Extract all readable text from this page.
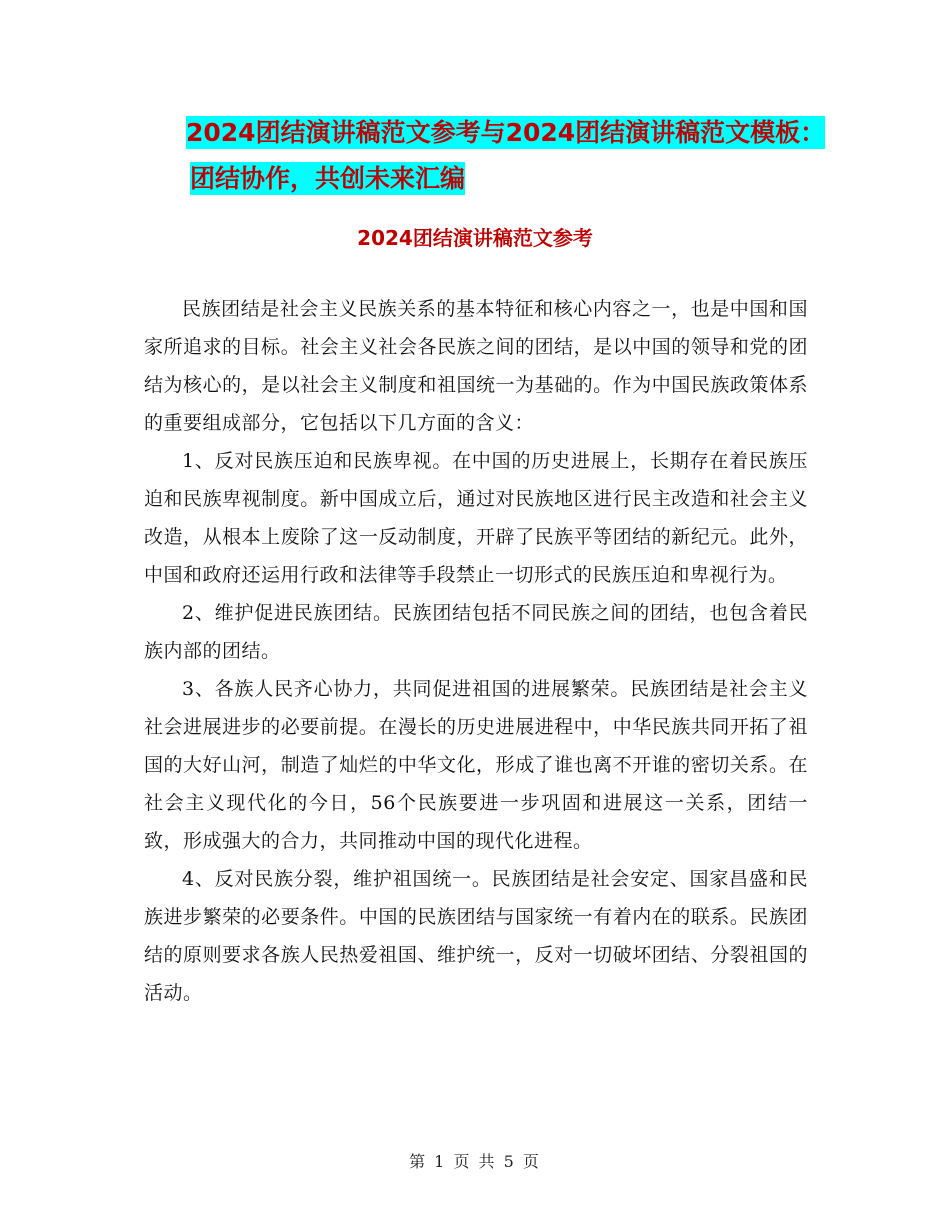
2024团结演讲稿范文参考与2024团结演讲稿范文模板：
团结协作，共创未来汇编
2024团结演讲稿范文参考

民族团结是社会主义民族关系的基本特征和核心内容之一，也是中国和国家所追求的目标。社会主义社会各民族之间的团结，是以中国的领导和党的团结为核心的，是以社会主义制度和祖国统一为基础的。作为中国民族政策体系的重要组成部分，它包括以下几方面的含义：

1、反对民族压迫和民族卑视。在中国的历史进展上，长期存在着民族压迫和民族卑视制度。新中国成立后，通过对民族地区进行民主改造和社会主义改造，从根本上废除了这一反动制度，开辟了民族平等团结的新纪元。此外，中国和政府还运用行政和法律等手段禁止一切形式的民族压迫和卑视行为。

2、维护促进民族团结。民族团结包括不同民族之间的团结，也包含着民族内部的团结。

3、各族人民齐心协力，共同促进祖国的进展繁荣。民族团结是社会主义社会进展进步的必要前提。在漫长的历史进展进程中，中华民族共同开拓了祖国的大好山河，制造了灿烂的中华文化，形成了谁也离不开谁的密切关系。在社会主义现代化的今日，56个民族要进一步巩固和进展这一关系，团结一致，形成强大的合力，共同推动中国的现代化进程。

4、反对民族分裂，维护祖国统一。民族团结是社会安定、国家昌盛和民族进步繁荣的必要条件。中国的民族团结与国家统一有着内在的联系。民族团结的原则要求各族人民热爱祖国、维护统一，反对一切破坏团结、分裂祖国的活动。

第 1 页 共 5 页
